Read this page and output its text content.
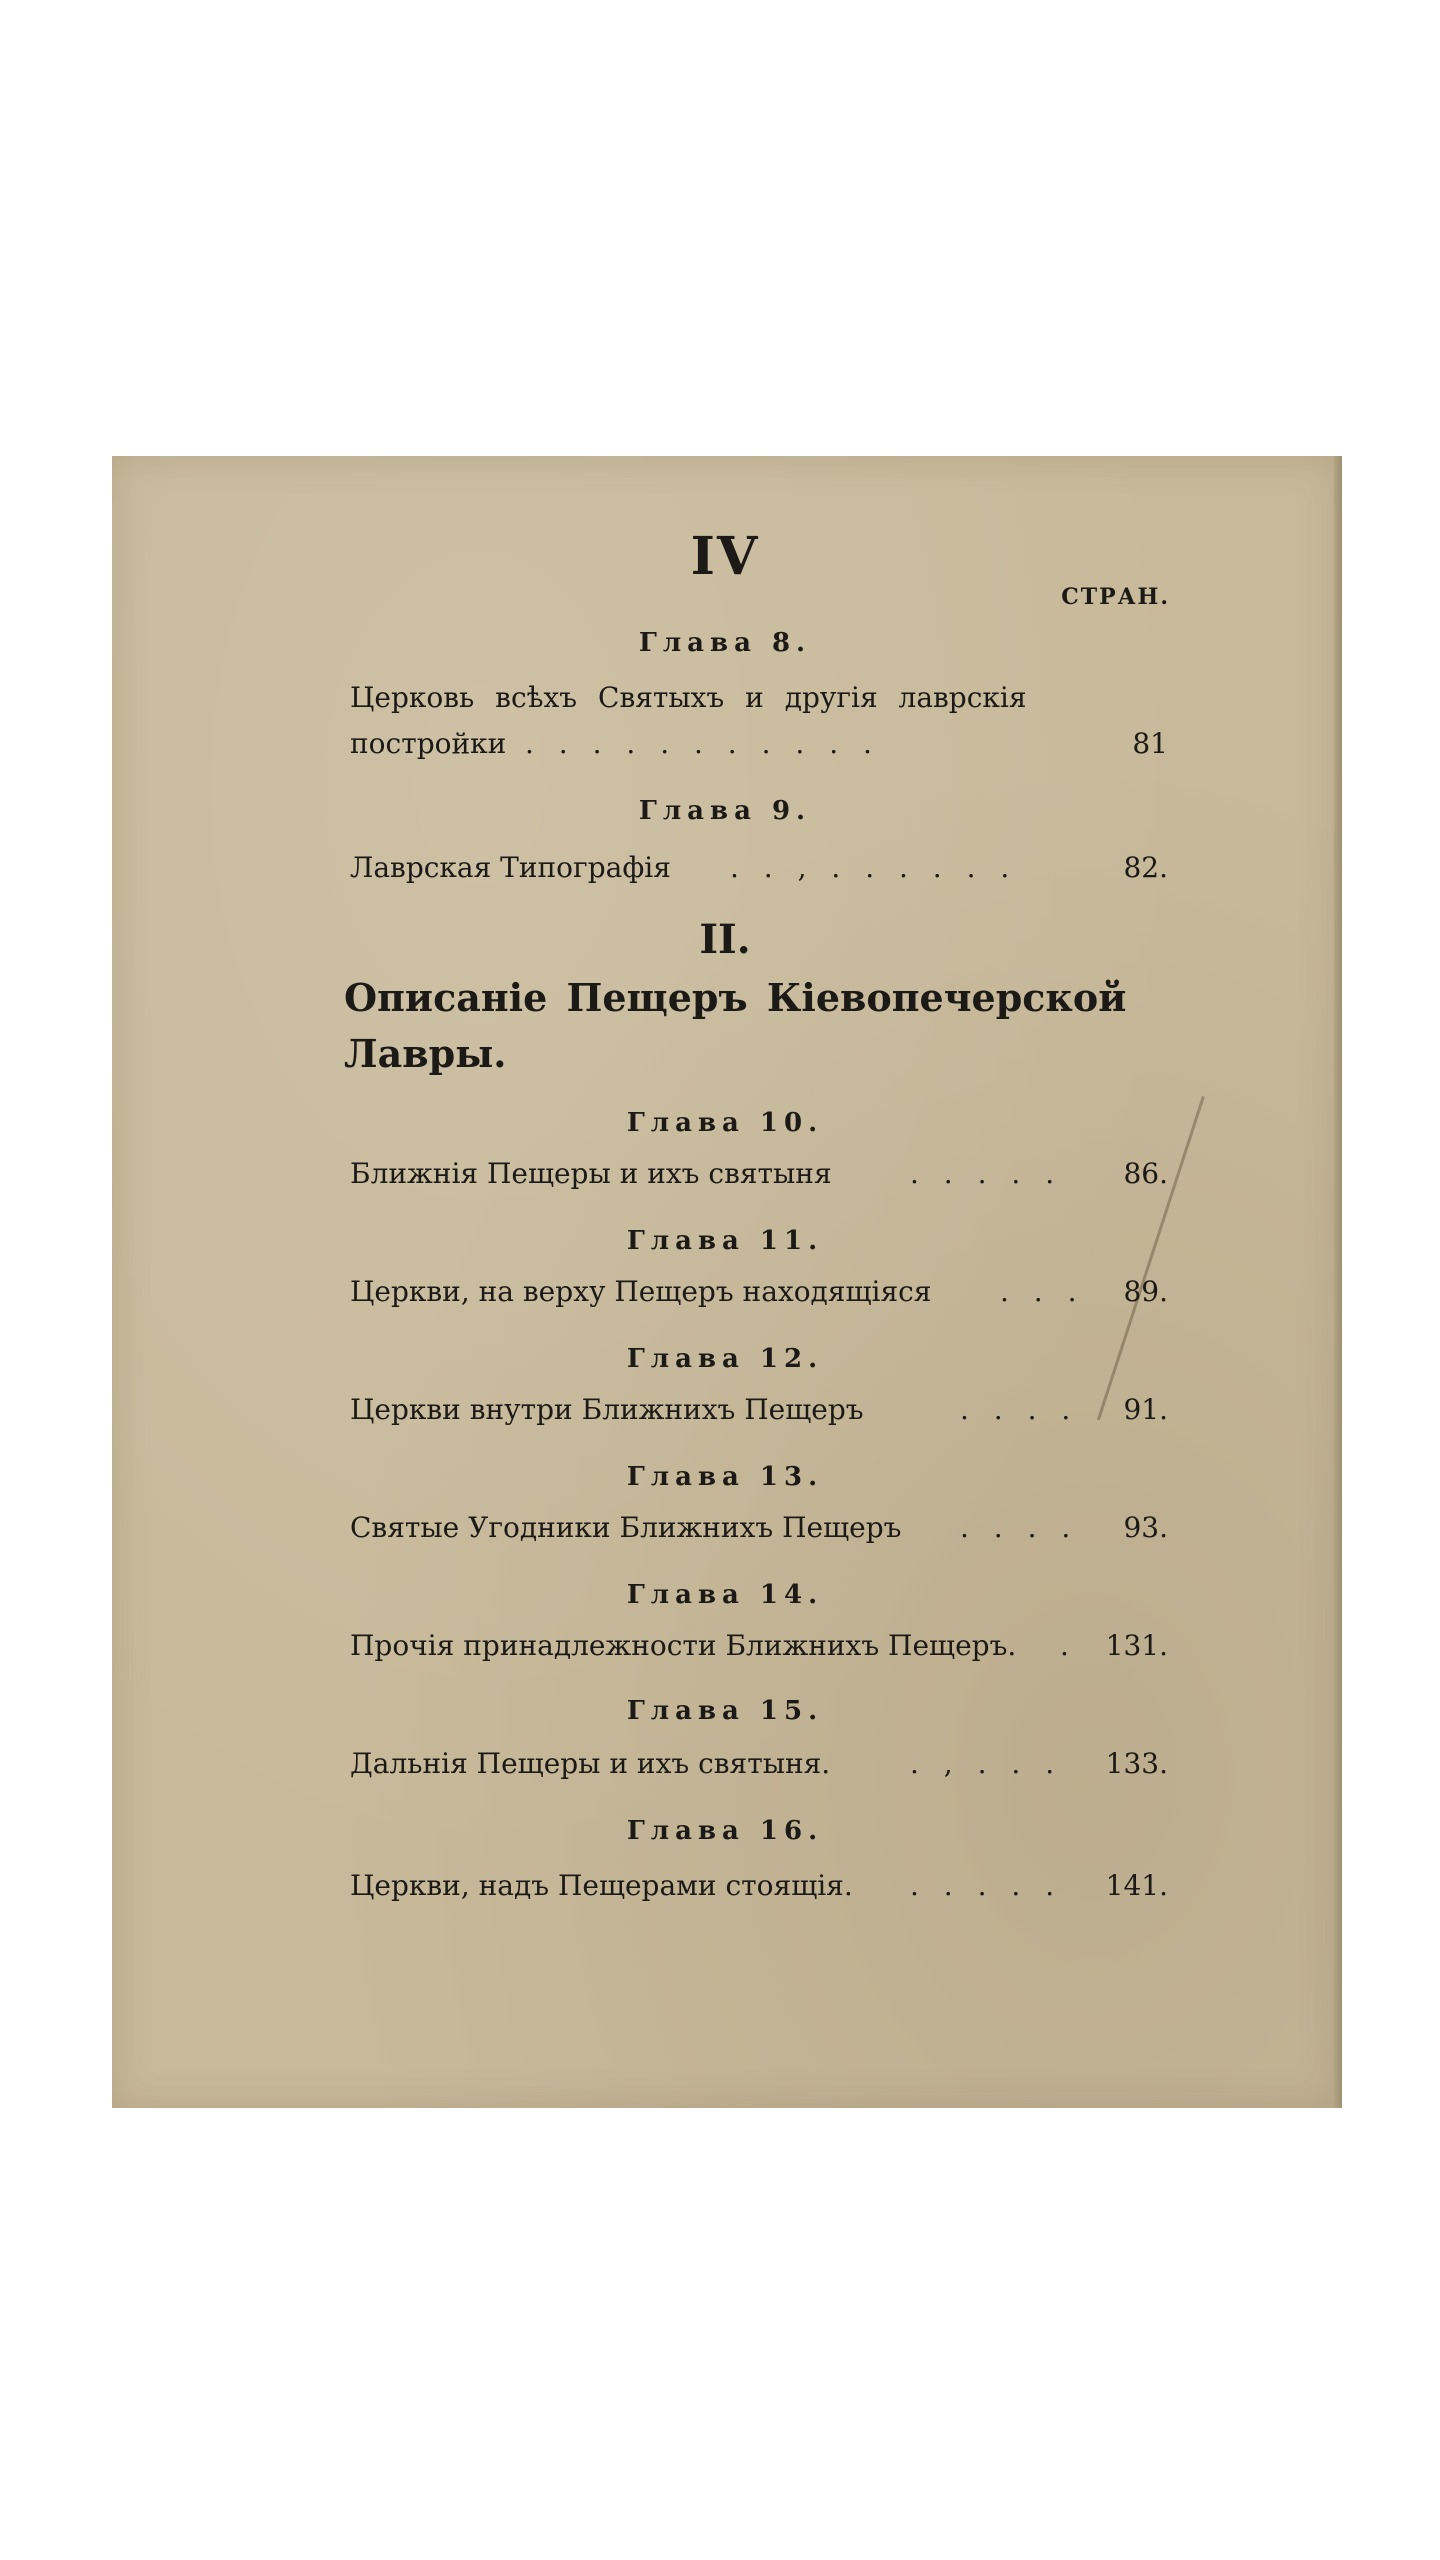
IV
СТРАН.
Глава 8.
Церковь всѣхъ Святыхъ и другія лаврскія
постройки . . . . . . . . . . .	81
Глава 9.
Лаврская Типографія . . , . . . . . .	82.
II.
Описаніе Пещеръ Кіевопечерской
Лавры.
Глава 10.
Ближнія Пещеры и ихъ святыня	. . . . . 86.
Глава 11.
Церкви, на верху Пещеръ находящіяся . . . 89.
Глава 12.
Церкви внутри Ближнихъ Пещеръ	. . . . 91.
Глава 13.
Святые Угодники Ближнихъ Пещеръ . . . . 93.
Глава 14.
Прочія принадлежности Ближнихъ Пещеръ. . 131.
Глава 15.
Дальнія Пещеры и ихъ святыня.	. , . . . 133.
Глава 16.
Церкви, надъ Пещерами стоящія. . . . . . 141.
